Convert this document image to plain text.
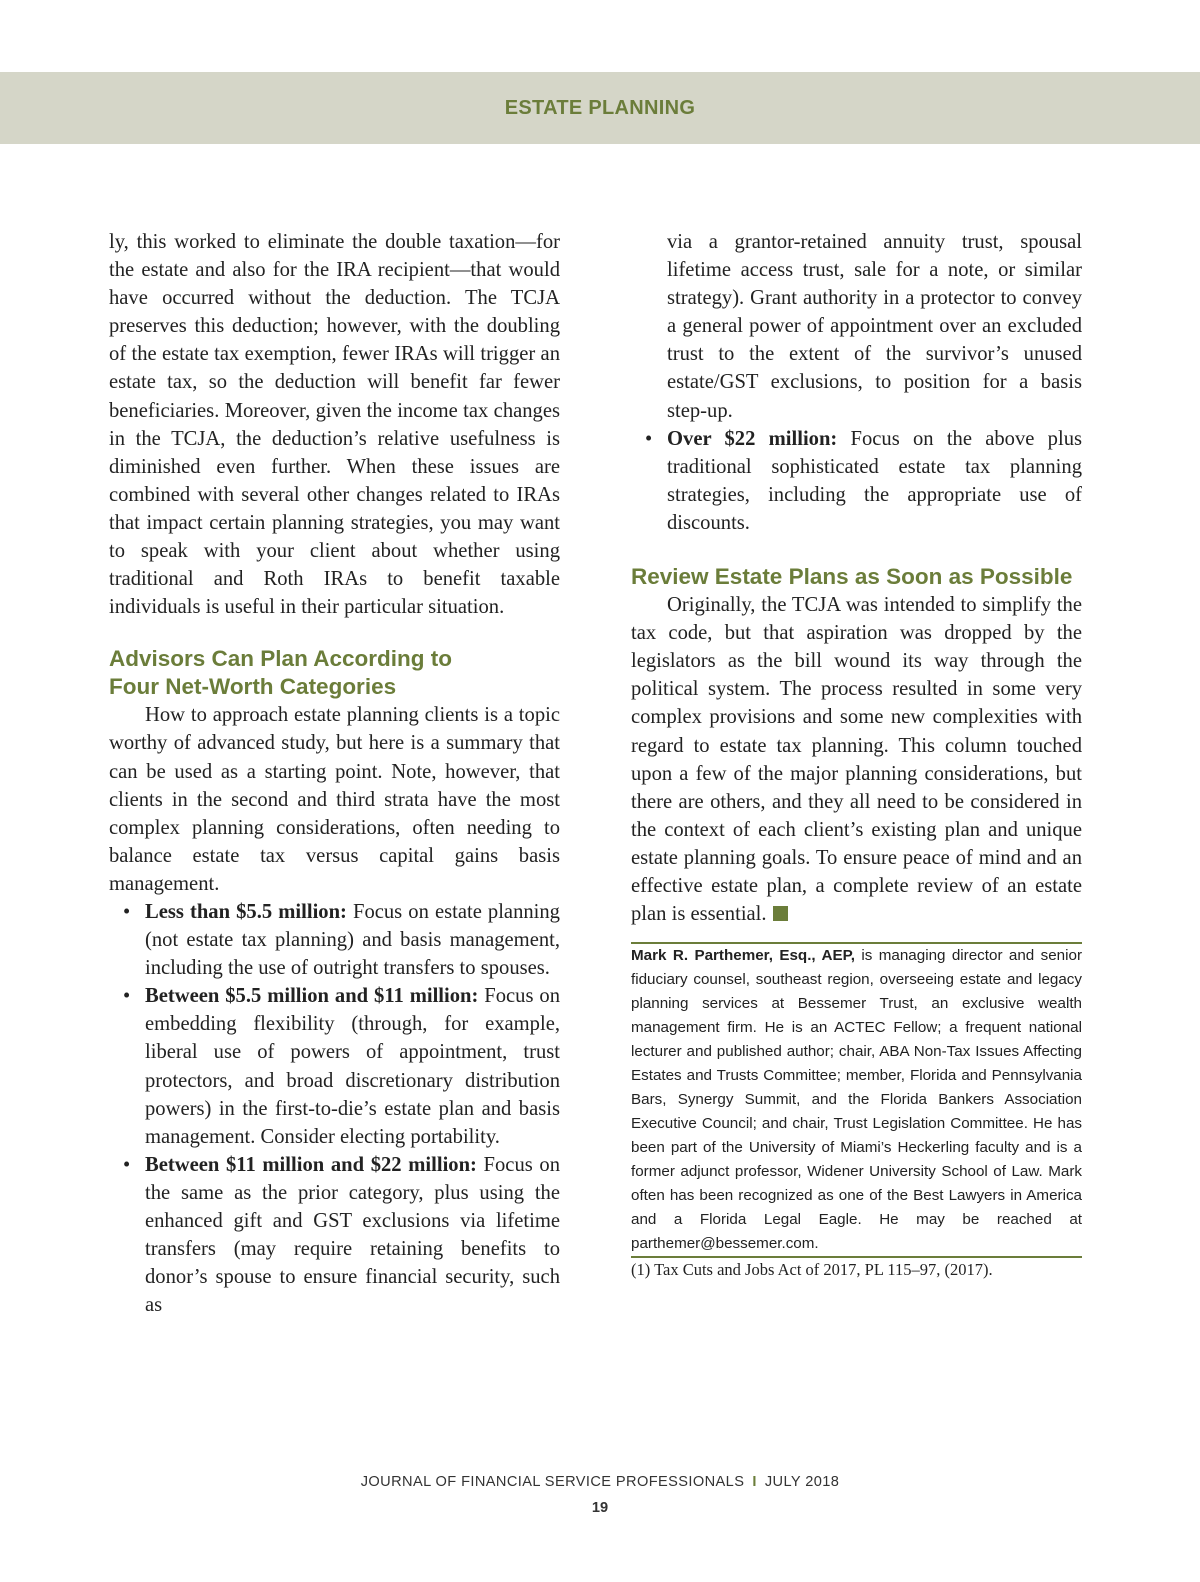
ESTATE PLANNING

ly, this worked to eliminate the double taxation—for the estate and also for the IRA recipient—that would have occurred without the deduction. The TCJA preserves this deduction; however, with the doubling of the estate tax exemption, fewer IRAs will trigger an estate tax, so the deduction will benefit far fewer beneficiaries. Moreover, given the income tax changes in the TCJA, the deduction’s relative usefulness is diminished even further. When these issues are combined with several other changes related to IRAs that impact certain planning strategies, you may want to speak with your client about whether using traditional and Roth IRAs to benefit taxable individuals is useful in their particular situation.

Advisors Can Plan According to
Four Net-Worth Categories

How to approach estate planning clients is a topic worthy of advanced study, but here is a summary that can be used as a starting point. Note, however, that clients in the second and third strata have the most complex planning considerations, often needing to balance estate tax versus capital gains basis management.

• Less than $5.5 million: Focus on estate planning (not estate tax planning) and basis management, including the use of outright transfers to spouses.
• Between $5.5 million and $11 million: Focus on embedding flexibility (through, for example, liberal use of powers of appointment, trust protectors, and broad discretionary distribution powers) in the first-to-die’s estate plan and basis management. Consider electing portability.
• Between $11 million and $22 million: Focus on the same as the prior category, plus using the enhanced gift and GST exclusions via lifetime transfers (may require retaining benefits to donor’s spouse to ensure financial security, such as

via a grantor-retained annuity trust, spousal lifetime access trust, sale for a note, or similar strategy). Grant authority in a protector to convey a general power of appointment over an excluded trust to the extent of the survivor’s unused estate/GST exclusions, to position for a basis step-up.

• Over $22 million: Focus on the above plus traditional sophisticated estate tax planning strategies, including the appropriate use of discounts.
Review Estate Plans as Soon as Possible

Originally, the TCJA was intended to simplify the tax code, but that aspiration was dropped by the legislators as the bill wound its way through the political system. The process resulted in some very complex provisions and some new complexities with regard to estate tax planning. This column touched upon a few of the major planning considerations, but there are others, and they all need to be considered in the context of each client’s existing plan and unique estate planning goals. To ensure peace of mind and an effective estate plan, a complete review of an estate plan is essential.

Mark R. Parthemer, Esq., AEP, is managing director and senior fiduciary counsel, southeast region, overseeing estate and legacy planning services at Bessemer Trust, an exclusive wealth management firm. He is an ACTEC Fellow; a frequent national lecturer and published author; chair, ABA Non-Tax Issues Affecting Estates and Trusts Committee; member, Florida and Pennsylvania Bars, Synergy Summit, and the Florida Bankers Association Executive Council; and chair, Trust Legislation Committee. He has been part of the University of Miami’s Heckerling faculty and is a former adjunct professor, Widener University School of Law. Mark often has been recognized as one of the Best Lawyers in America and a Florida Legal Eagle. He may be reached at parthemer@bessemer.com.

(1) Tax Cuts and Jobs Act of 2017, PL 115–97, (2017).

JOURNAL OF FINANCIAL SERVICE PROFESSIONALS I JULY 2018
19
